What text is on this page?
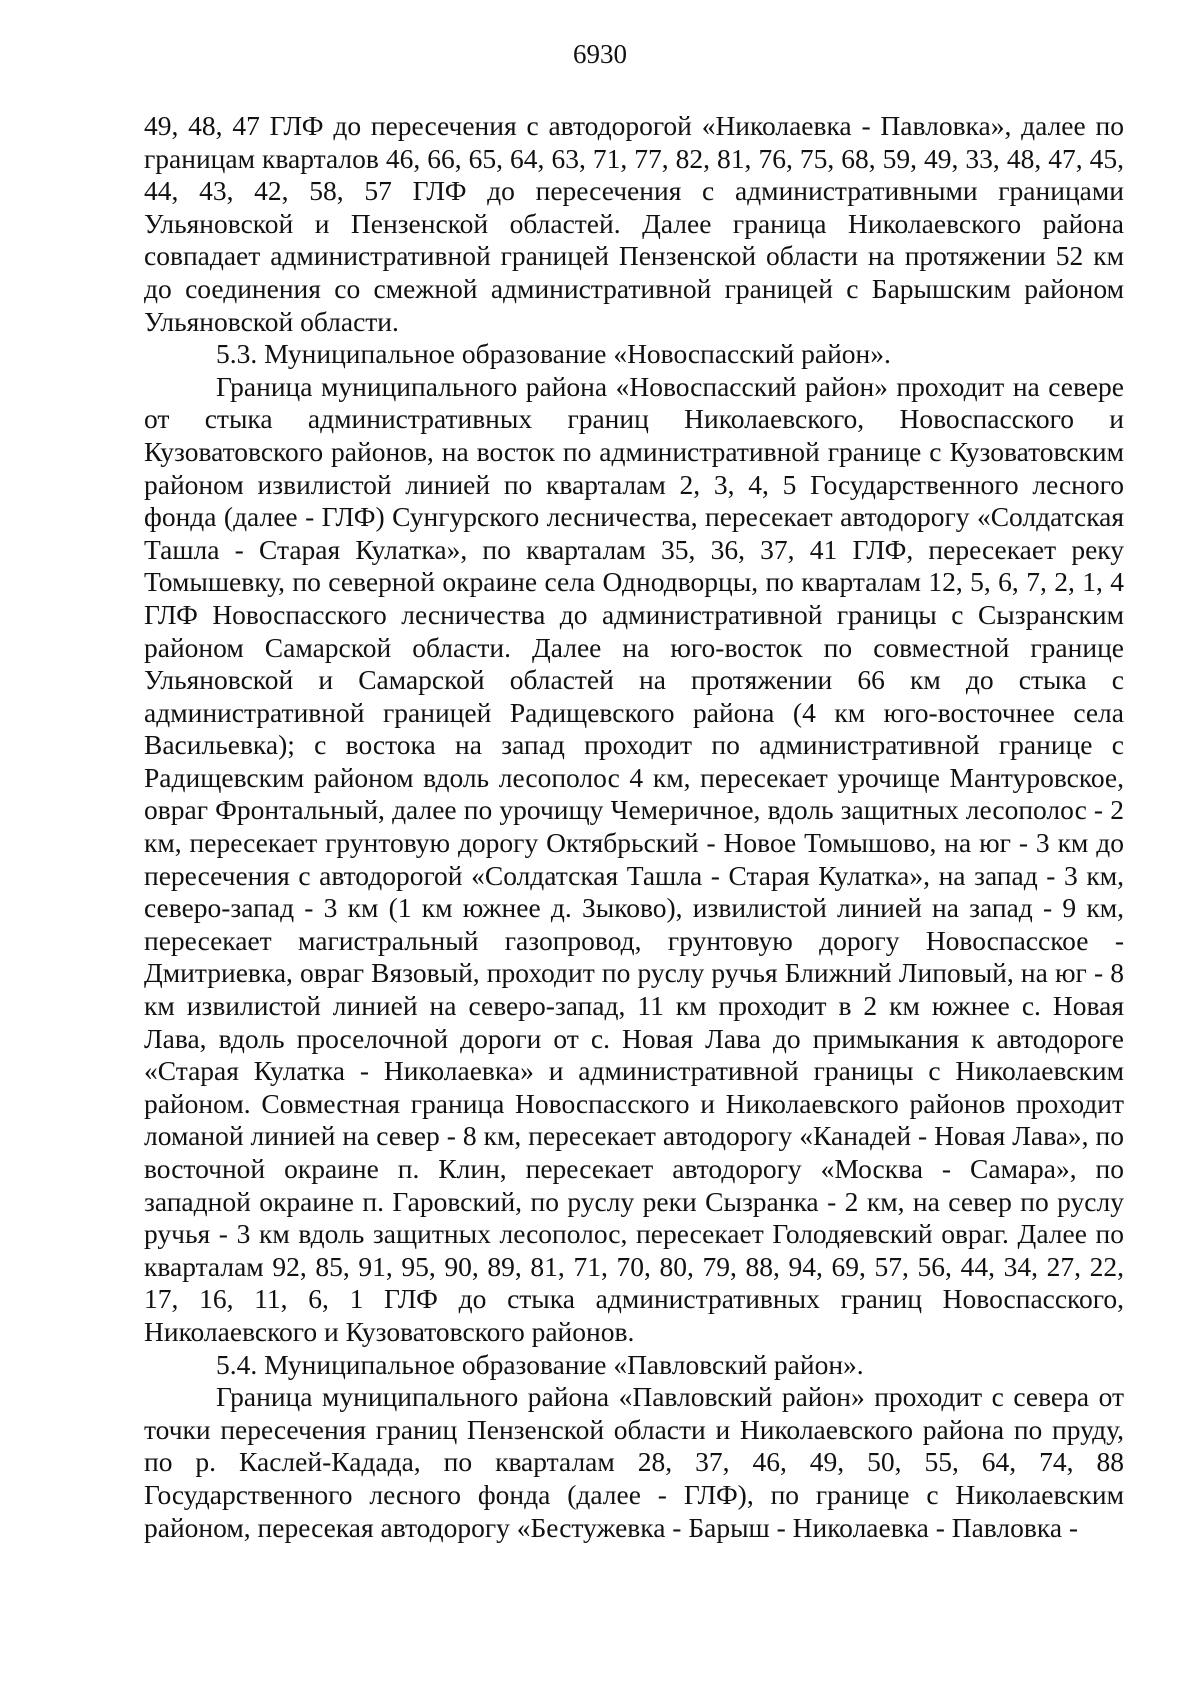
6930

49, 48, 47 ГЛФ до пересечения с автодорогой «Николаевка - Павловка», далее по границам кварталов 46, 66, 65, 64, 63, 71, 77, 82, 81, 76, 75, 68, 59, 49, 33, 48, 47, 45, 44, 43, 42, 58, 57 ГЛФ до пересечения с административными границами Ульяновской и Пензенской областей. Далее граница Николаевского района совпадает административной границей Пензенской области на протяжении 52 км до соединения со смежной административной границей с Барышским районом Ульяновской области.

5.3. Муниципальное образование «Новоспасский район».

Граница муниципального района «Новоспасский район» проходит на севере от стыка административных границ Николаевского, Новоспасского и Кузоватовского районов, на восток по административной границе с Кузоватовским районом извилистой линией по кварталам 2, 3, 4, 5 Государственного лесного фонда (далее - ГЛФ) Сунгурского лесничества, пересекает автодорогу «Солдатская Ташла - Старая Кулатка», по кварталам 35, 36, 37, 41 ГЛФ, пересекает реку Томышевку, по северной окраине села Однодворцы, по кварталам 12, 5, 6, 7, 2, 1, 4 ГЛФ Новоспасского лесничества до административной границы с Сызранским районом Самарской области. Далее на юго-восток по совместной границе Ульяновской и Самарской областей на протяжении 66 км до стыка с административной границей Радищевского района (4 км юго-восточнее села Васильевка); с востока на запад проходит по административной границе с Радищевским районом вдоль лесополос 4 км, пересекает урочище Мантуровское, овраг Фронтальный, далее по урочищу Чемеричное, вдоль защитных лесополос - 2 км, пересекает грунтовую дорогу Октябрьский - Новое Томышово, на юг - 3 км до пересечения с автодорогой «Солдатская Ташла - Старая Кулатка», на запад - 3 км, северо-запад - 3 км (1 км южнее д. Зыково), извилистой линией на запад - 9 км, пересекает магистральный газопровод, грунтовую дорогу Новоспасское - Дмитриевка, овраг Вязовый, проходит по руслу ручья Ближний Липовый, на юг - 8 км извилистой линией на северо-запад, 11 км проходит в 2 км южнее с. Новая Лава, вдоль проселочной дороги от с. Новая Лава до примыкания к автодороге «Старая Кулатка - Николаевка» и административной границы с Николаевским районом. Совместная граница Новоспасского и Николаевского районов проходит ломаной линией на север - 8 км, пересекает автодорогу «Канадей - Новая Лава», по восточной окраине п. Клин, пересекает автодорогу «Москва - Самара», по западной окраине п. Гаровский, по руслу реки Сызранка - 2 км, на север по руслу ручья - 3 км вдоль защитных лесополос, пересекает Голодяевский овраг. Далее по кварталам 92, 85, 91, 95, 90, 89, 81, 71, 70, 80, 79, 88, 94, 69, 57, 56, 44, 34, 27, 22, 17, 16, 11, 6, 1 ГЛФ до стыка административных границ Новоспасского, Николаевского и Кузоватовского районов.

5.4. Муниципальное образование «Павловский район».

Граница муниципального района «Павловский район» проходит с севера от точки пересечения границ Пензенской области и Николаевского района по пруду, по р. Каслей-Кадада, по кварталам 28, 37, 46, 49, 50, 55, 64, 74, 88 Государственного лесного фонда (далее - ГЛФ), по границе с Николаевским районом, пересекая автодорогу «Бестужевка - Барыш - Николаевка - Павловка -
